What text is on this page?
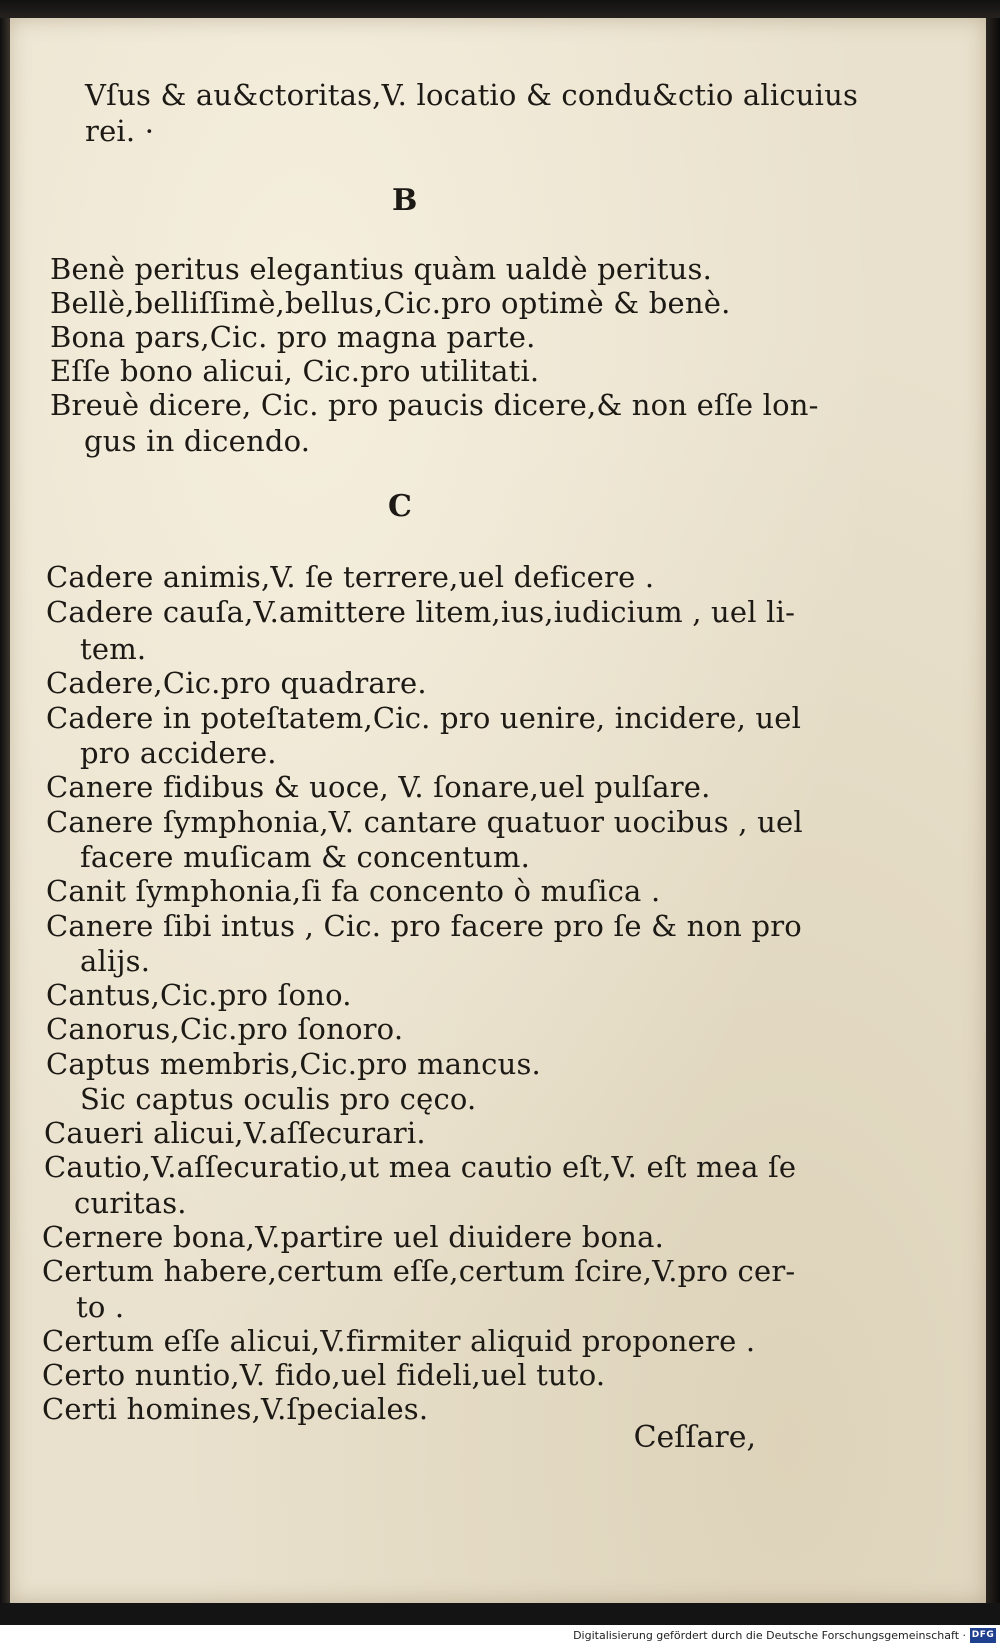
Vſus & au&ctoritas,V. locatio & condu&ctio alicuius
rei. ·
B
Benè peritus elegantius quàm ualdè peritus.
Bellè,belliſſimè,bellus,Cic.pro optimè & benè.
Bona pars,Cic. pro magna parte.
Eſſe bono alicui, Cic.pro utilitati.
Breuè dicere, Cic. pro paucis dicere,& non eſſe lon-
gus in dicendo.
C
Cadere animis,V. ſe terrere,uel deficere .
Cadere cauſa,V.amittere litem,ius,iudicium , uel li-
tem.
Cadere,Cic.pro quadrare.
Cadere in poteſtatem,Cic. pro uenire, incidere, uel
pro accidere.
Canere fidibus & uoce, V. ſonare,uel pulſare.
Canere ſymphonia,V. cantare quatuor uocibus , uel
facere muſicam & concentum.
Canit ſymphonia,ſi fa concento ò muſica .
Canere ſibi intus , Cic. pro facere pro ſe & non pro
alijs.
Cantus,Cic.pro ſono.
Canorus,Cic.pro ſonoro.
Captus membris,Cic.pro mancus.
Sic captus oculis pro cęco.
Caueri alicui,V.aſſecurari.
Cautio,V.aſſecuratio,ut mea cautio eſt,V. eſt mea ſe
curitas.
Cernere bona,V.partire uel diuidere bona.
Certum habere,certum eſſe,certum ſcire,V.pro cer-
to .
Certum eſſe alicui,V.firmiter aliquid proponere .
Certo nuntio,V. fido,uel fideli,uel tuto.
Certi homines,V.ſpeciales.
Ceſſare,
Digitalisierung gefördert durch die Deutsche Forschungsgemeinschaft · DFG
